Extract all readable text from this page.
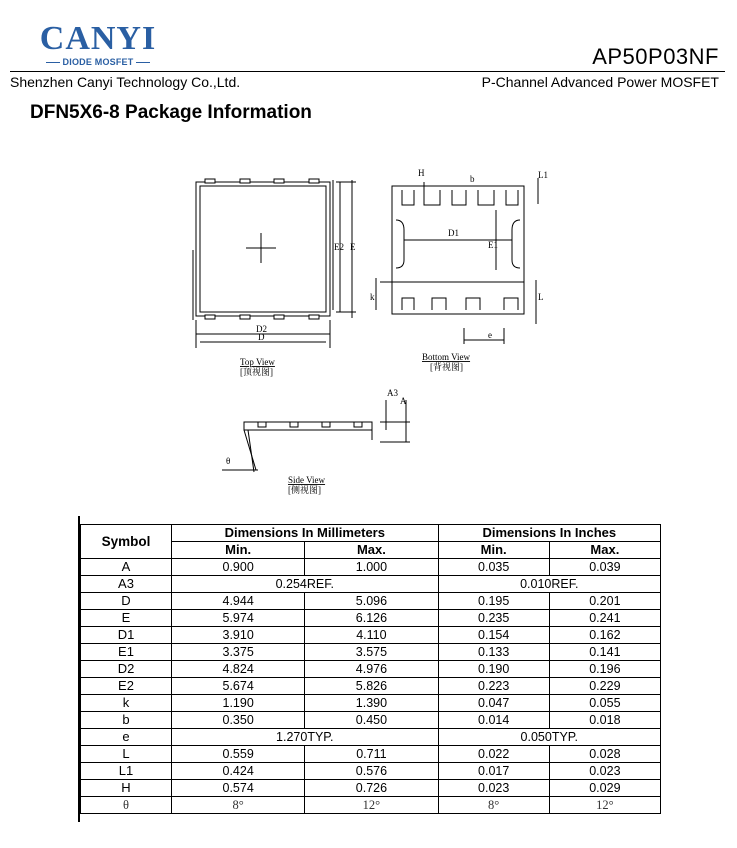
CANYI
DIODE MOSFET	AP50P03NF
Shenzhen Canyi Technology Co.,Ltd.	P-Channel Advanced Power MOSFET
DFN5X6-8 Package Information
D2
D
E2 E
H
b	L1
D1
E1
k	L
e
A3
A
θ
Top View
[顶视图]
Bottom View
[背视图]
Side View
[侧视图]
Symbol	Dimensions In Millimeters		Dimensions In Inches	
	Min.	Max.	Min.	Max.
A	0.900	1.000	0.035	0.039
A3	0.254REF.		0.010REF.	
D	4.944	5.096	0.195	0.201
E	5.974	6.126	0.235	0.241
D1	3.910	4.110	0.154	0.162
E1	3.375	3.575	0.133	0.141
D2	4.824	4.976	0.190	0.196
E2	5.674	5.826	0.223	0.229
k	1.190	1.390	0.047	0.055
b	0.350	0.450	0.014	0.018
e	1.270TYP.		0.050TYP.	
L	0.559	0.711	0.022	0.028
L1	0.424	0.576	0.017	0.023
H	0.574	0.726	0.023	0.029
θ	8°	12°	8°	12°
